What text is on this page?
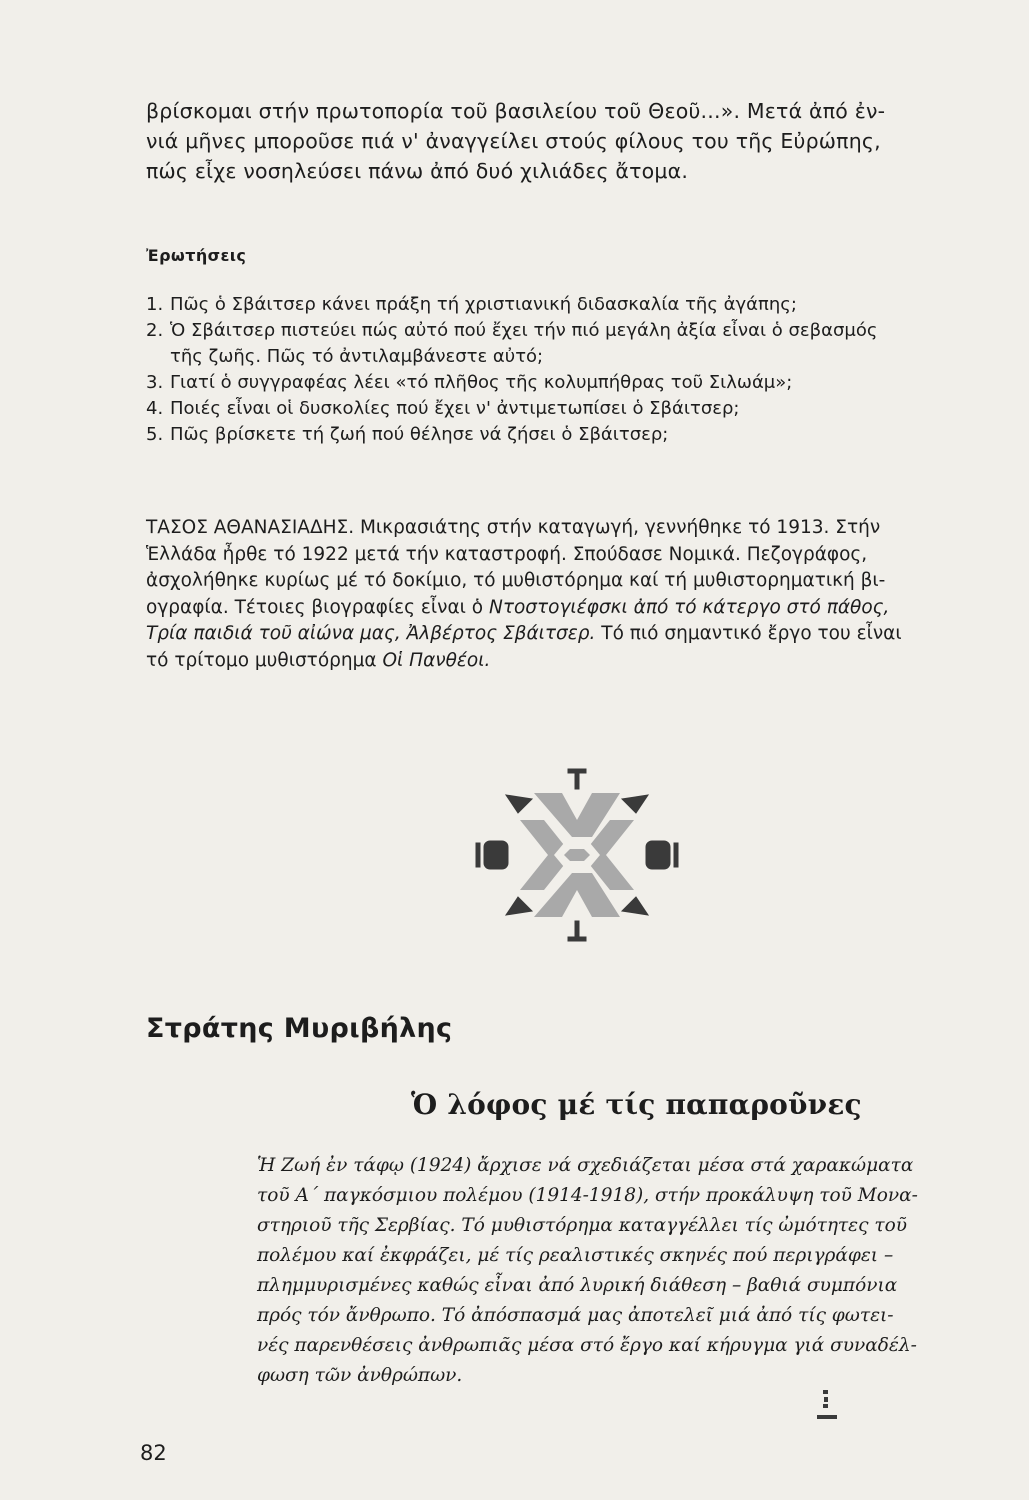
βρίσκομαι στήν πρωτοπορία τοῦ βασιλείου τοῦ Θεοῦ...». Μετά ἀπό ἐν-
νιά μῆνες μποροῦσε πιά ν' ἀναγγείλει στούς φίλους του τῆς Εὐρώπης,
πώς εἶχε νοσηλεύσει πάνω ἀπό δυό χιλιάδες ἄτομα.
Ἐρωτήσεις
1. Πῶς ὁ Σβάιτσερ κάνει πράξη τή χριστιανική διδασκαλία τῆς ἀγάπης;
2. Ὁ Σβάιτσερ πιστεύει πώς αὐτό πού ἔχει τήν πιό μεγάλη ἀξία εἶναι ὁ σεβασμός
τῆς ζωῆς. Πῶς τό ἀντιλαμβάνεστε αὐτό;
3. Γιατί ὁ συγγραφέας λέει «τό πλῆθος τῆς κολυμπήθρας τοῦ Σιλωάμ»;
4. Ποιές εἶναι οἱ δυσκολίες πού ἔχει ν' ἀντιμετωπίσει ὁ Σβάιτσερ;
5. Πῶς βρίσκετε τή ζωή πού θέλησε νά ζήσει ὁ Σβάιτσερ;
ΤΑΣΟΣ ΑΘΑΝΑΣΙΑΔΗΣ. Μικρασιάτης στήν καταγωγή, γεννήθηκε τό 1913. Στήν
Ἑλλάδα ἦρθε τό 1922 μετά τήν καταστροφή. Σπούδασε Νομικά. Πεζογράφος,
ἀσχολήθηκε κυρίως μέ τό δοκίμιο, τό μυθιστόρημα καί τή μυθιστορηματική βι-
ογραφία. Τέτοιες βιογραφίες εἶναι ὁ Ντοστογιέφσκι ἀπό τό κάτεργο στό πάθος,
Τρία παιδιά τοῦ αἰώνα μας, Ἀλβέρτος Σβάιτσερ. Τό πιό σημαντικό ἔργο του εἶναι
τό τρίτομο μυθιστόρημα Οἱ Πανθέοι.
Στράτης Μυριβήλης
Ὁ λόφος μέ τίς παπαροῦνες
Ἡ Ζωή ἐν τάφῳ (1924) ἄρχισε νά σχεδιάζεται μέσα στά χαρακώματα
τοῦ Α΄ παγκόσμιου πολέμου (1914-1918), στήν προκάλυψη τοῦ Μονα-
στηριοῦ τῆς Σερβίας. Τό μυθιστόρημα καταγγέλλει τίς ὠμότητες τοῦ
πολέμου καί ἐκφράζει, μέ τίς ρεαλιστικές σκηνές πού περιγράφει –
πλημμυρισμένες καθώς εἶναι ἀπό λυρική διάθεση – βαθιά συμπόνια
πρός τόν ἄνθρωπο. Τό ἀπόσπασμά μας ἀποτελεῖ μιά ἀπό τίς φωτει-
νές παρενθέσεις ἀνθρωπιᾶς μέσα στό ἔργο καί κήρυγμα γιά συναδέλ-
φωση τῶν ἀνθρώπων.
82
